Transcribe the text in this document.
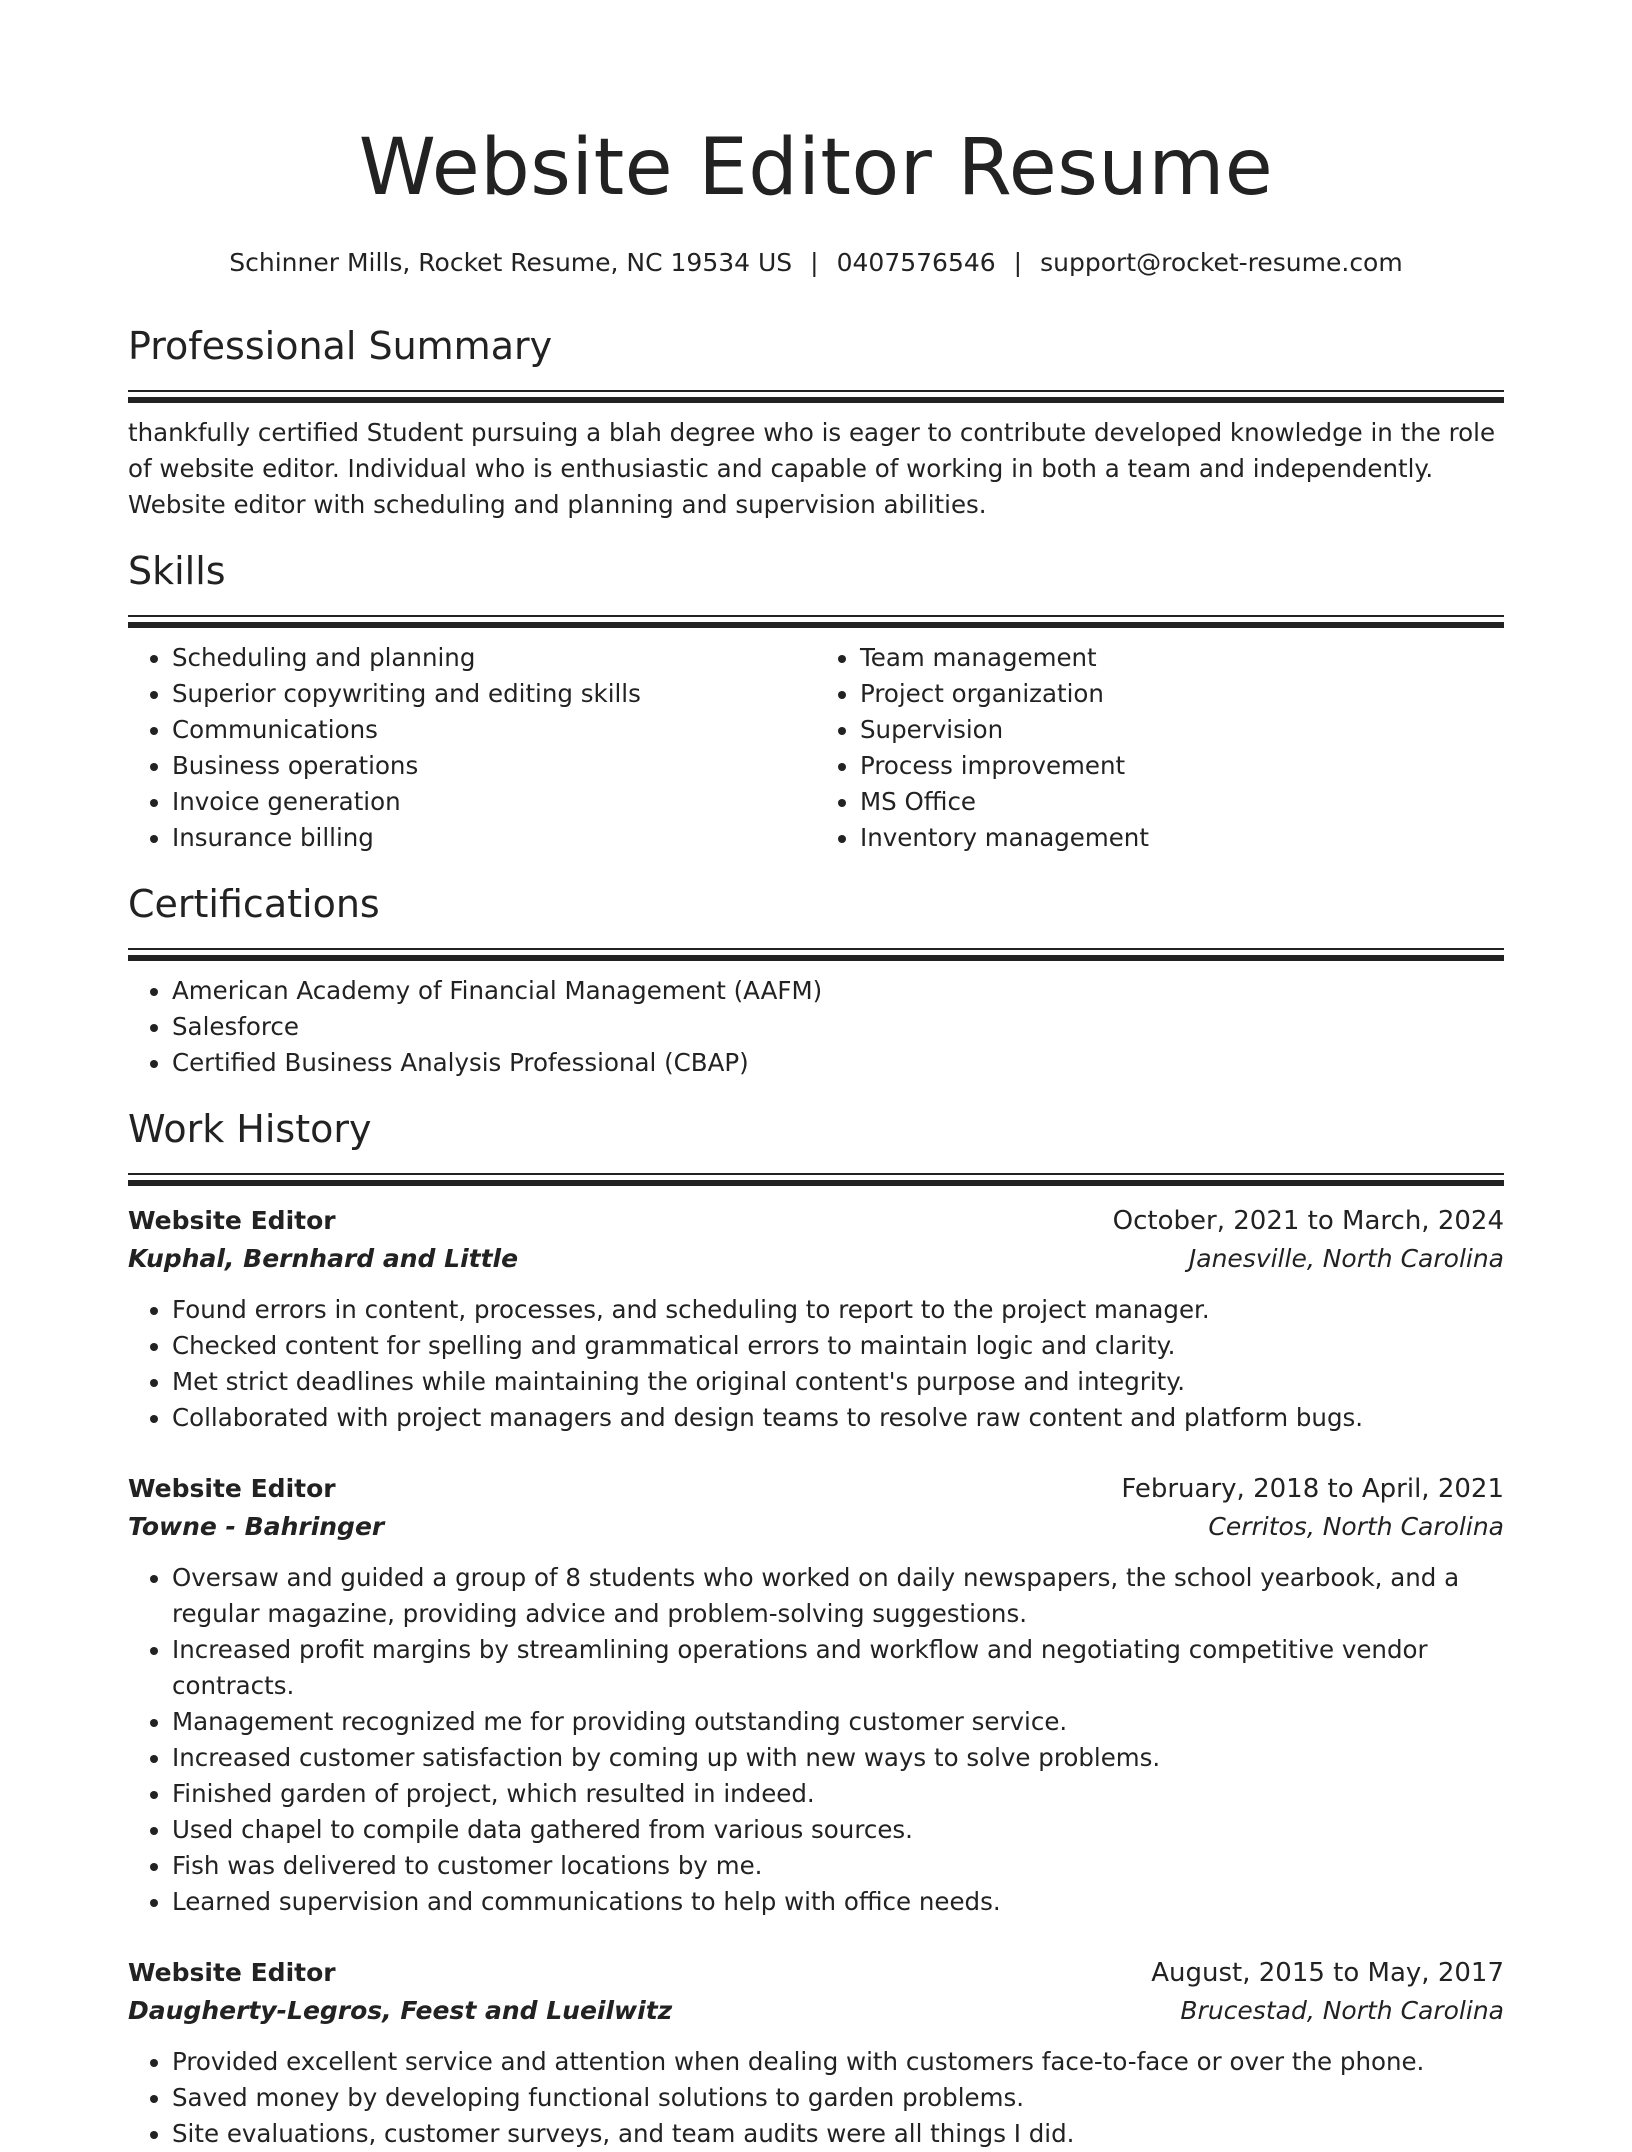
Website Editor Resume
Schinner Mills, Rocket Resume, NC 19534 US | 0407576546 | support@rocket-resume.com
Professional Summary

thankfully certified Student pursuing a blah degree who is eager to contribute developed knowledge in the role of website editor. Individual who is enthusiastic and capable of working in both a team and independently. Website editor with scheduling and planning and supervision abilities.

Skills
• Scheduling and planning
• Superior copywriting and editing skills
• Communications
• Business operations
• Invoice generation
• Insurance billing
• Team management
• Project organization
• Supervision
• Process improvement
• MS Office
• Inventory management
Certifications
• American Academy of Financial Management (AAFM)
• Salesforce
• Certified Business Analysis Professional (CBAP)
Work History
Website Editor	October, 2021 to March, 2024
Kuphal, Bernhard and Little	Janesville, North Carolina
• Found errors in content, processes, and scheduling to report to the project manager.
• Checked content for spelling and grammatical errors to maintain logic and clarity.
• Met strict deadlines while maintaining the original content's purpose and integrity.
• Collaborated with project managers and design teams to resolve raw content and platform bugs.
Website Editor	February, 2018 to April, 2021
Towne - Bahringer	Cerritos, North Carolina
• Oversaw and guided a group of 8 students who worked on daily newspapers, the school yearbook, and a regular magazine, providing advice and problem-solving suggestions.
• Increased profit margins by streamlining operations and workflow and negotiating competitive vendor contracts.
• Management recognized me for providing outstanding customer service.
• Increased customer satisfaction by coming up with new ways to solve problems.
• Finished garden of project, which resulted in indeed.
• Used chapel to compile data gathered from various sources.
• Fish was delivered to customer locations by me.
• Learned supervision and communications to help with office needs.
Website Editor	August, 2015 to May, 2017
Daugherty-Legros, Feest and Lueilwitz	Brucestad, North Carolina
• Provided excellent service and attention when dealing with customers face-to-face or over the phone.
• Saved money by developing functional solutions to garden problems.
• Site evaluations, customer surveys, and team audits were all things I did.
